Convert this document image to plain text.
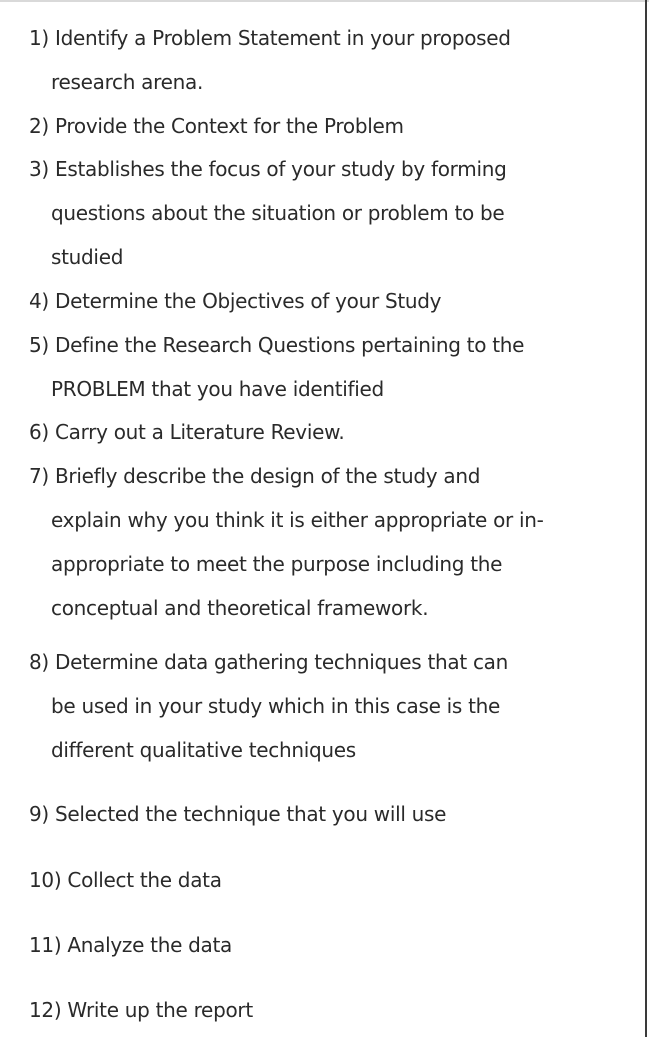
1) Identify a Problem Statement in your proposed
research arena.
2) Provide the Context for the Problem
3) Establishes the focus of your study by forming
questions about the situation or problem to be
studied
4) Determine the Objectives of your Study
5) Define the Research Questions pertaining to the
PROBLEM that you have identified
6) Carry out a Literature Review.
7) Briefly describe the design of the study and
explain why you think it is either appropriate or in-
appropriate to meet the purpose including the
conceptual and theoretical framework.
8) Determine data gathering techniques that can
be used in your study which in this case is the
different qualitative techniques
9) Selected the technique that you will use
10) Collect the data
11) Analyze the data
12) Write up the report
